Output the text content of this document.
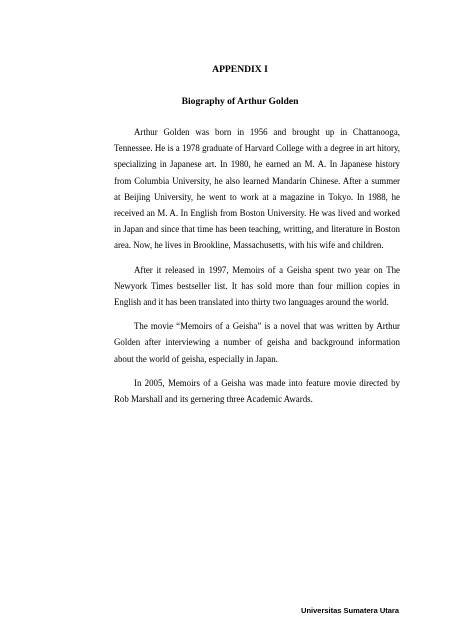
APPENDIX I
Biography of Arthur Golden

Arthur Golden was born in 1956 and brought up in Chattanooga, Tennessee. He is a 1978 graduate of Harvard College with a degree in art hitory, specializing in Japanese art. In 1980, he earned an M. A. In Japanese history from Columbia University, he also learned Mandarin Chinese. After a summer at Beijing University, he went to work at a magazine in Tokyo. In 1988, he received an M. A. In English from Boston University. He was lived and worked in Japan and since that time has been teaching, writting, and literature in Boston area. Now, he lives in Brookline, Massachusetts, with his wife and children.

After it released in 1997, Memoirs of a Geisha spent two year on The Newyork Times bestseller list. It has sold more than four million copies in English and it has been translated into thirty two languages around the world.

The movie “Memoirs of a Geisha” is a novel that was written by Arthur Golden after interviewing a number of geisha and background information about the world of geisha, especially in Japan.

In 2005, Memoirs of a Geisha was made into feature movie directed by Rob Marshall and its gernering three Academic Awards.

Universitas Sumatera Utara
